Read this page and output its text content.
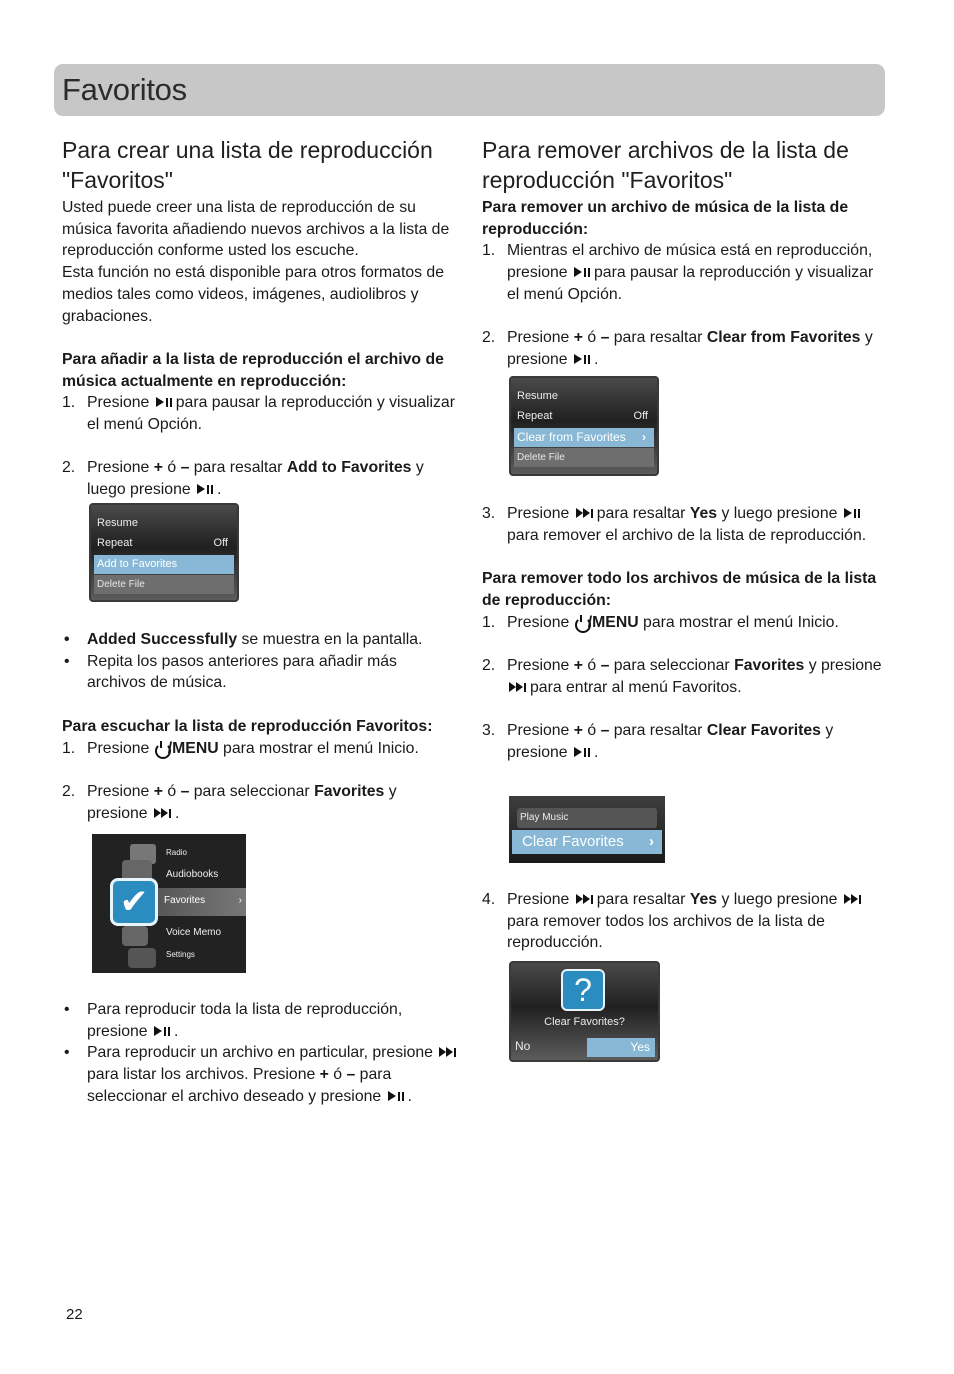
Favoritos
Para crear una lista de reproducción "Favoritos"

Usted puede creer una lista de reproducción de su música favorita añadiendo nuevos archivos a la lista de reproducción conforme usted los escuche.

Esta función no está disponible para otros formatos de medios tales como videos, imágenes, audiolibros y grabaciones.

Para añadir a la lista de reproducción el archivo de música actualmente en reproducción:

1. Presione para pausar la reproducción y visualizar el menú Opción.
2. Presione + ó – para resaltar Add to Favorites y luego presione .
Resume
Repeat	Off
Add to Favorites
Delete File
• Added Successfully se muestra en la pantalla.
• Repita los pasos anteriores para añadir más archivos de música.

Para escuchar la lista de reproducción Favoritos:

1. Presione /MENU para mostrar el menú Inicio.
2. Presione + ó – para seleccionar Favorites y presione .
✔
Radio
Audiobooks
Favorites	›
Voice Memo
Settings
• Para reproducir toda la lista de reproducción, presione .
• Para reproducir un archivo en particular, presione
para listar los archivos. Presione + ó – para seleccionar el archivo deseado y presione .
Para remover archivos de la lista de reproducción "Favoritos"

Para remover un archivo de música de la lista de reproducción:

1. Mientras el archivo de música está en reproducción, presione para pausar la reproducción y visualizar el menú Opción.
2. Presione + ó – para resaltar Clear from Favorites y presione .
Resume
Repeat	Off
Clear from Favorites ›
Delete File
3. Presione para resaltar Yes y luego presione para remover el archivo de la lista de reproducción.

Para remover todo los archivos de música de la lista de reproducción:

1. Presione /MENU para mostrar el menú Inicio.
2. Presione + ó – para seleccionar Favorites y presione
para entrar al menú Favoritos.
3. Presione + ó – para resaltar Clear Favorites y presione .
Play Music
Clear Favorites ›
4. Presione para resaltar Yes y luego presione
para remover todos los archivos de la lista de reproducción.
?
Clear Favorites?
No	Yes
22
